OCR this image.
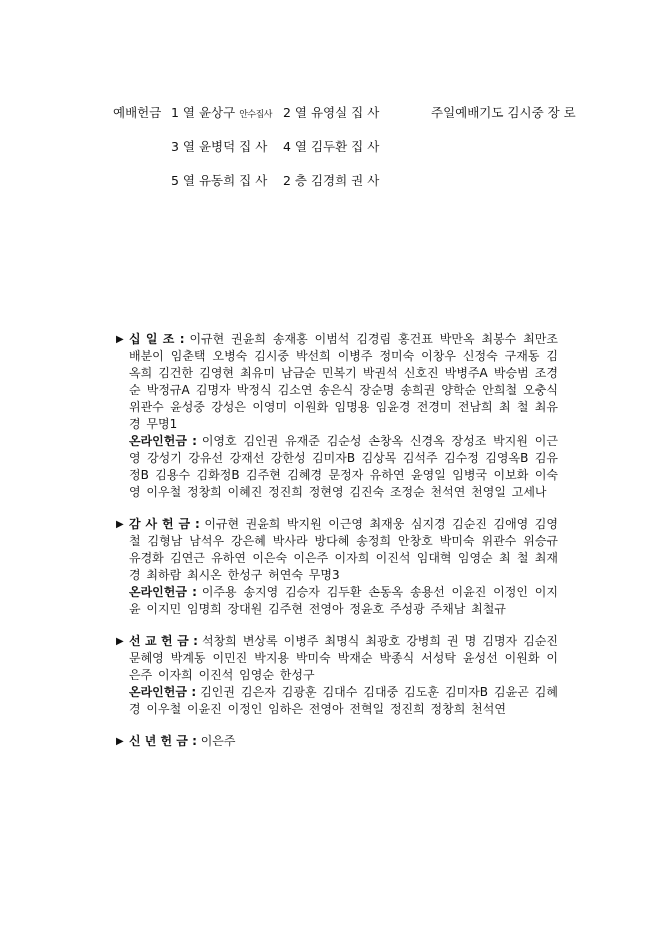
예배헌금 1 열 윤상구 안수집사 2 열 유영실 집 사	주일예배기도 김시중 장 로
3 열 윤병덕 집 사 4 열 김두환 집 사
5 열 유동희 집 사 2 층 김경희 권 사
▶ 십 일 조 : 이규현 권윤희 송재홍 이범석 김경림 홍건표 박만옥 최봉수 최만조 배분이 임춘택 오병숙 김시중 박선희 이병주 정미숙 이창우 신정숙 구재동 김옥희 김건한 김영현 최유미 남금순 민복기 박권석 신호진 박병주A 박승범 조경순 박정규A 김명자 박정식 김소연 송은식 장순명 송희권 양학순 안희철 오충식 위관수 윤성중 강성은 이영미 이원화 임명용 임윤경 전경미 전남희 최 철 최유경 무명1

온라인헌금 : 이영호 김인권 유재준 김순성 손창옥 신경옥 장성조 박지원 이근영 강성기 강유선 강재선 강한성 김미자B 김상목 김석주 김수정 김영옥B 김유정B 김용수 김화정B 김주현 김혜경 문정자 유하연 윤영일 임병국 이보화 이숙영 이우철 정창희 이혜진 정진희 정현영 김진숙 조정순 천석연 천영일 고세나

▶ 감 사 헌 금 : 이규현 권윤희 박지원 이근영 최재웅 심지경 김순진 김애영 김영철 김형남 남석우 강은혜 박사라 방다혜 송정희 안창호 박미숙 위관수 위승규 유경화 김연근 유하연 이은숙 이은주 이자희 이진석 임대혁 임영순 최 철 최재경 최하람 최시온 한성구 허연숙 무명3

온라인헌금 : 이주용 송지영 김승자 김두환 손동옥 송용선 이윤진 이정인 이지윤 이지민 임명희 장대원 김주현 전영아 정윤호 주성광 주채남 최철규

▶ 선 교 헌 금 : 석창희 변상록 이병주 최명식 최광호 강병희 권 명 김명자 김순진 문혜영 박계동 이민진 박지용 박미숙 박재순 박종식 서성탁 윤성선 이원화 이은주 이자희 이진석 임영순 한성구

온라인헌금 : 김인권 김은자 김광훈 김대수 김대중 김도훈 김미자B 김윤곤 김혜경 이우철 이윤진 이정인 임하은 전영아 전혁일 정진희 정창희 천석연

▶ 신 년 헌 금 : 이은주
